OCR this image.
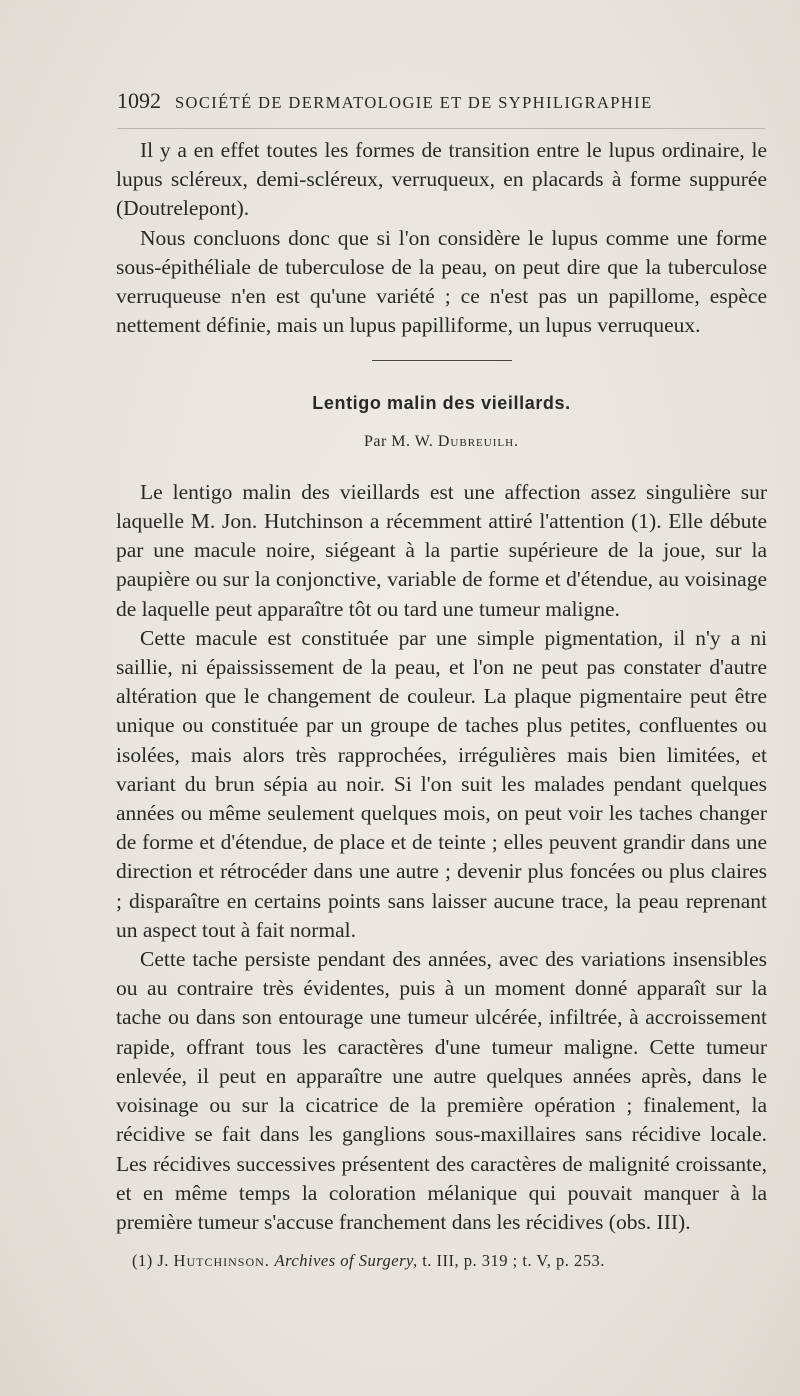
1092 SOCIÉTÉ DE DERMATOLOGIE ET DE SYPHILIGRAPHIE

Il y a en effet toutes les formes de transition entre le lupus ordinaire, le lupus scléreux, demi-scléreux, verruqueux, en placards à forme suppurée (Doutrelepont).

Nous concluons donc que si l'on considère le lupus comme une forme sous-épithéliale de tuberculose de la peau, on peut dire que la tuberculose verruqueuse n'en est qu'une variété ; ce n'est pas un papillome, espèce nettement définie, mais un lupus papilliforme, un lupus verruqueux.

Lentigo malin des vieillards.
Par M. W. Dubreuilh.

Le lentigo malin des vieillards est une affection assez singulière sur laquelle M. Jon. Hutchinson a récemment attiré l'attention (1). Elle débute par une macule noire, siégeant à la partie supérieure de la joue, sur la paupière ou sur la conjonctive, variable de forme et d'étendue, au voisinage de laquelle peut apparaître tôt ou tard une tumeur maligne.

Cette macule est constituée par une simple pigmentation, il n'y a ni saillie, ni épaississement de la peau, et l'on ne peut pas constater d'autre altération que le changement de couleur. La plaque pigmentaire peut être unique ou constituée par un groupe de taches plus petites, confluentes ou isolées, mais alors très rapprochées, irrégulières mais bien limitées, et variant du brun sépia au noir. Si l'on suit les malades pendant quelques années ou même seulement quelques mois, on peut voir les taches changer de forme et d'étendue, de place et de teinte ; elles peuvent grandir dans une direction et rétrocéder dans une autre ; devenir plus foncées ou plus claires ; disparaître en certains points sans laisser aucune trace, la peau reprenant un aspect tout à fait normal.

Cette tache persiste pendant des années, avec des variations insensibles ou au contraire très évidentes, puis à un moment donné apparaît sur la tache ou dans son entourage une tumeur ulcérée, infiltrée, à accroissement rapide, offrant tous les caractères d'une tumeur maligne. Cette tumeur enlevée, il peut en apparaître une autre quelques années après, dans le voisinage ou sur la cicatrice de la première opération ; finalement, la récidive se fait dans les ganglions sous-maxillaires sans récidive locale. Les récidives successives présentent des caractères de malignité croissante, et en même temps la coloration mélanique qui pouvait manquer à la première tumeur s'accuse franchement dans les récidives (obs. III).

(1) J. Hutchinson. Archives of Surgery, t. III, p. 319 ; t. V, p. 253.
